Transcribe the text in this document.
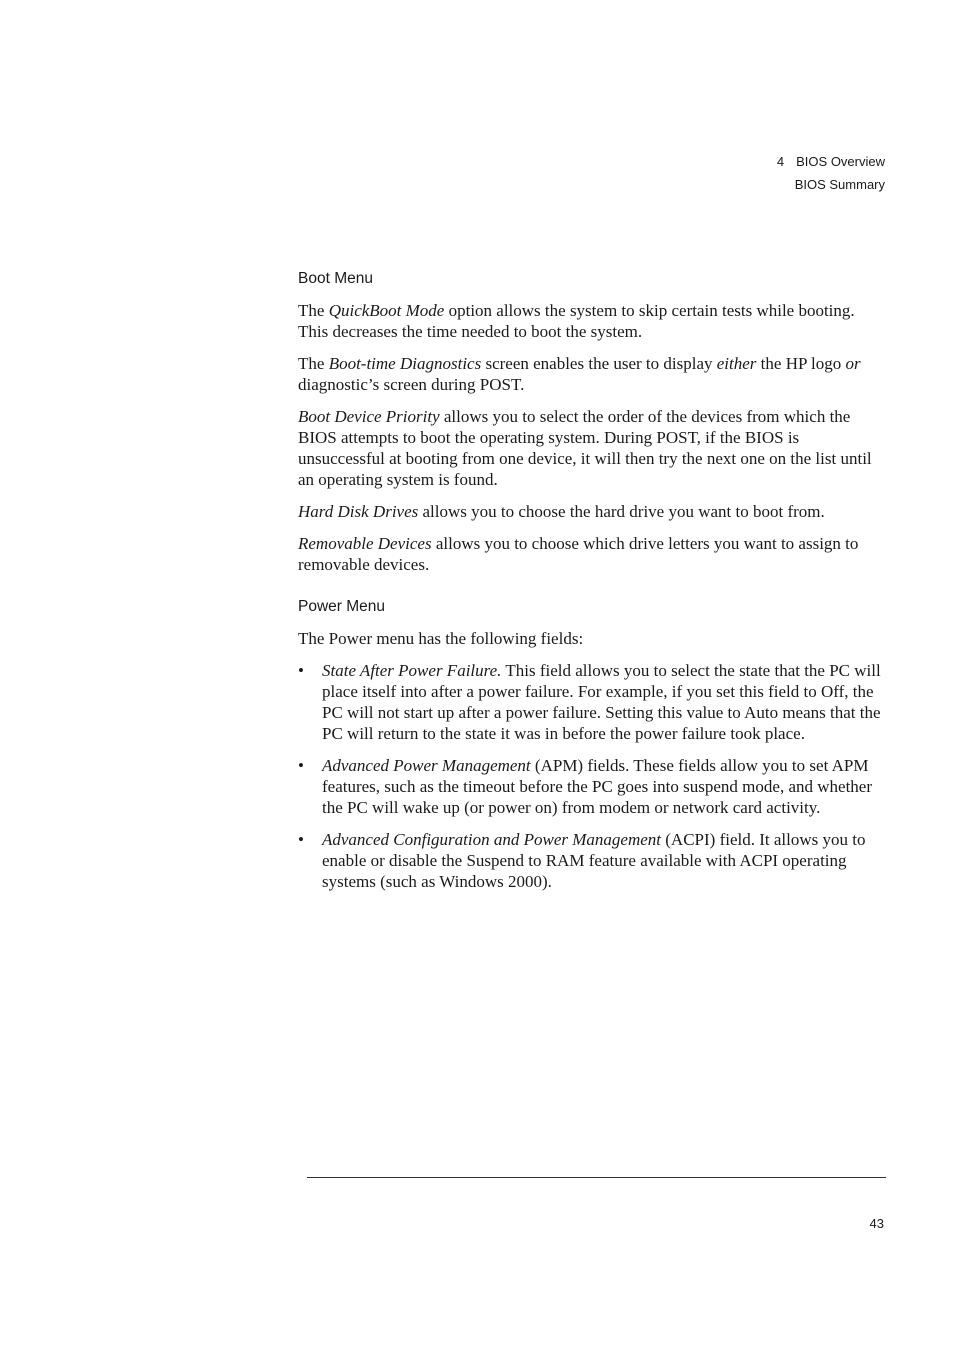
4 BIOS Overview
BIOS Summary
Boot Menu

The QuickBoot Mode option allows the system to skip certain tests while booting. This decreases the time needed to boot the system.

The Boot-time Diagnostics screen enables the user to display either the HP logo or diagnostic’s screen during POST.

Boot Device Priority allows you to select the order of the devices from which the BIOS attempts to boot the operating system. During POST, if the BIOS is unsuccessful at booting from one device, it will then try the next one on the list until an operating system is found.

Hard Disk Drives allows you to choose the hard drive you want to boot from.

Removable Devices allows you to choose which drive letters you want to assign to removable devices.

Power Menu

The Power menu has the following fields:

• State After Power Failure. This field allows you to select the state that the PC will place itself into after a power failure. For example, if you set this field to Off, the PC will not start up after a power failure. Setting this value to Auto means that the PC will return to the state it was in before the power failure took place.
• Advanced Power Management (APM) fields. These fields allow you to set APM features, such as the timeout before the PC goes into suspend mode, and whether the PC will wake up (or power on) from modem or network card activity.
• Advanced Configuration and Power Management (ACPI) field. It allows you to enable or disable the Suspend to RAM feature available with ACPI operating systems (such as Windows 2000).
43
